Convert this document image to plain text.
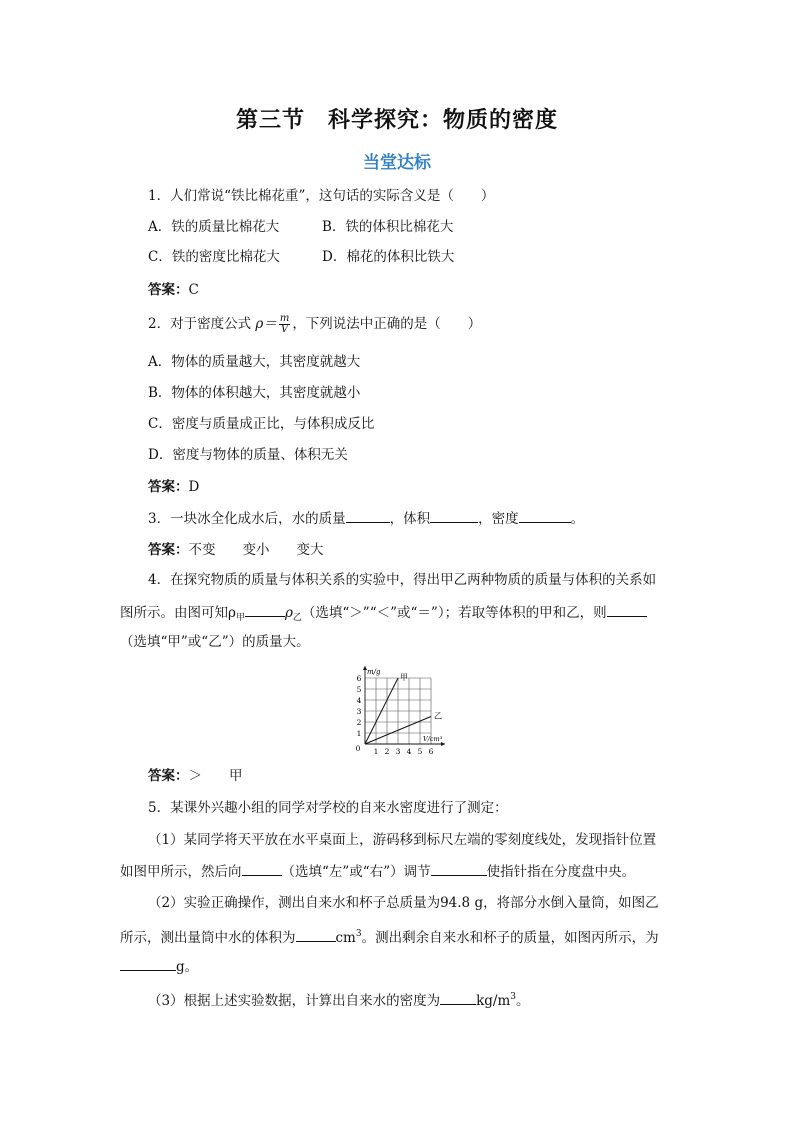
第三节　科学探究：物质的密度
当堂达标
1．人们常说“铁比棉花重”，这句话的实际含义是（　　）
A．铁的质量比棉花大	B．铁的体积比棉花大
C．铁的密度比棉花大	D．棉花的体积比铁大
答案：C
2．对于密度公式 $\rho= \frac{m}{V}$ ，下列说法中正确的是（　　）
A．物体的质量越大，其密度就越大
B．物体的体积越大，其密度就越小
C．密度与质量成正比，与体积成反比
D．密度与物体的质量、体积无关
答案：D
3．一块冰全化成水后，水的质量	，体积	，密度	。
答案：不变　　变小　　变大
4．在探究物质的质量与体积关系的实验中，得出甲乙两种物质的质量与体积的关系如
图所示。由图可知$\rho_甲$	$\rho_乙$（选填“＞”“＜”或“＝”）；若取等体积的甲和乙，则
（选填“甲”或“乙”）的质量大。
1 2 3 4 5 6
1
2
3
4
5
6
0
m/g
V/cm³
甲
乙
答案：＞　　甲
5．某课外兴趣小组的同学对学校的自来水密度进行了测定：
（1）某同学将天平放在水平桌面上，游码移到标尺左端的零刻度线处，发现指针位置
如图甲所示，然后向	（选填“左”或“右”）调节	使指针指在分度盘中央。
（2）实验正确操作，测出自来水和杯子总质量为94.8 g，将部分水倒入量筒，如图乙
所示，测出量筒中水的体积为	$cm^3$。测出剩余自来水和杯子的质量，如图丙所示，为
g。
（3）根据上述实验数据，计算出自来水的密度为	$kg/m^3$。
